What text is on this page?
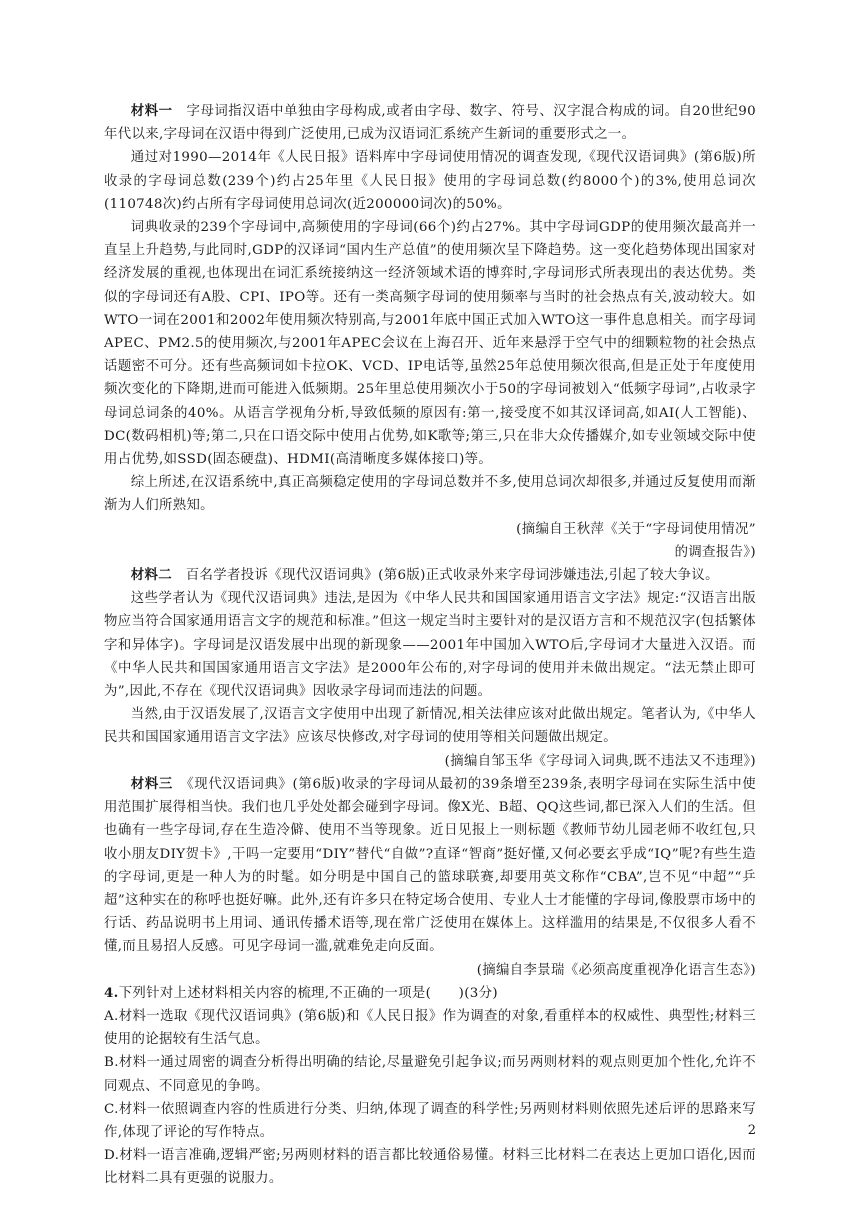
材料一　 字母词指汉语中单独由字母构成,或者由字母、数字、符号、汉字混合构成的词。自20世纪90年代以来,字母词在汉语中得到广泛使用,已成为汉语词汇系统产生新词的重要形式之一。

通过对1990—2014年《人民日报》语料库中字母词使用情况的调查发现,《现代汉语词典》(第6版)所收录的字母词总数(239个)约占25年里《人民日报》使用的字母词总数(约8000个)的3%,使用总词次(110748次)约占所有字母词使用总词次(近200000词次)的50%。

词典收录的239个字母词中,高频使用的字母词(66个)约占27%。其中字母词GDP的使用频次最高并一直呈上升趋势,与此同时,GDP的汉译词“国内生产总值”的使用频次呈下降趋势。这一变化趋势体现出国家对经济发展的重视,也体现出在词汇系统接纳这一经济领域术语的博弈时,字母词形式所表现出的表达优势。类似的字母词还有A股、CPI、IPO等。还有一类高频字母词的使用频率与当时的社会热点有关,波动较大。如WTO一词在2001和2002年使用频次特别高,与2001年底中国正式加入WTO这一事件息息相关。而字母词APEC、PM2.5的使用频次,与2001年APEC会议在上海召开、近年来悬浮于空气中的细颗粒物的社会热点话题密不可分。还有些高频词如卡拉OK、VCD、IP电话等,虽然25年总使用频次很高,但是正处于年度使用频次变化的下降期,进而可能进入低频期。25年里总使用频次小于50的字母词被划入“低频字母词”,占收录字母词总词条的40%。从语言学视角分析,导致低频的原因有:第一,接受度不如其汉译词高,如AI(人工智能)、DC(数码相机)等;第二,只在口语交际中使用占优势,如K歌等;第三,只在非大众传播媒介,如专业领域交际中使用占优势,如SSD(固态硬盘)、HDMI(高清晰度多媒体接口)等。

综上所述,在汉语系统中,真正高频稳定使用的字母词总数并不多,使用总词次却很多,并通过反复使用而渐渐为人们所熟知。

(摘编自王秋萍《关于“字母词使用情况”

的调查报告》)

材料二　 百名学者投诉《现代汉语词典》(第6版)正式收录外来字母词涉嫌违法,引起了较大争议。

这些学者认为《现代汉语词典》违法,是因为《中华人民共和国国家通用语言文字法》规定:“汉语言出版物应当符合国家通用语言文字的规范和标准。”但这一规定当时主要针对的是汉语方言和不规范汉字(包括繁体字和异体字)。字母词是汉语发展中出现的新现象——2001年中国加入WTO后,字母词才大量进入汉语。而《中华人民共和国国家通用语言文字法》是2000年公布的,对字母词的使用并未做出规定。“法无禁止即可为”,因此,不存在《现代汉语词典》因收录字母词而违法的问题。

当然,由于汉语发展了,汉语言文字使用中出现了新情况,相关法律应该对此做出规定。笔者认为,《中华人民共和国国家通用语言文字法》应该尽快修改,对字母词的使用等相关问题做出规定。

(摘编自邹玉华《字母词入词典,既不违法又不违理》)

材料三　 《现代汉语词典》(第6版)收录的字母词从最初的39条增至239条,表明字母词在实际生活中使用范围扩展得相当快。我们也几乎处处都会碰到字母词。像X光、B超、QQ这些词,都已深入人们的生活。但也确有一些字母词,存在生造冷僻、使用不当等现象。近日见报上一则标题《教师节幼儿园老师不收红包,只收小朋友DIY贺卡》,干吗一定要用“DIY”替代“自做”?直译“智商”挺好懂,又何必要玄乎成“IQ”呢?有些生造的字母词,更是一种人为的时髦。如分明是中国自己的篮球联赛,却要用英文称作“CBA”,岂不见“中超”“乒超”这种实在的称呼也挺好嘛。此外,还有许多只在特定场合使用、专业人士才能懂的字母词,像股票市场中的行话、药品说明书上用词、通讯传播术语等,现在常广泛使用在媒体上。这样滥用的结果是,不仅很多人看不懂,而且易招人反感。可见字母词一滥,就难免走向反面。

(摘编自李景瑞《必须高度重视净化语言生态》)

4.下列针对上述材料相关内容的梳理,不正确的一项是(　　)(3分)

A.材料一选取《现代汉语词典》(第6版)和《人民日报》作为调查的对象,看重样本的权威性、典型性;材料三使用的论据较有生活气息。

B.材料一通过周密的调查分析得出明确的结论,尽量避免引起争议;而另两则材料的观点则更加个性化,允许不同观点、不同意见的争鸣。

C.材料一依照调查内容的性质进行分类、归纳,体现了调查的科学性;另两则材料则依照先述后评的思路来写作,体现了评论的写作特点。

D.材料一语言准确,逻辑严密;另两则材料的语言都比较通俗易懂。材料三比材料二在表达上更加口语化,因而比材料二具有更强的说服力。

2
